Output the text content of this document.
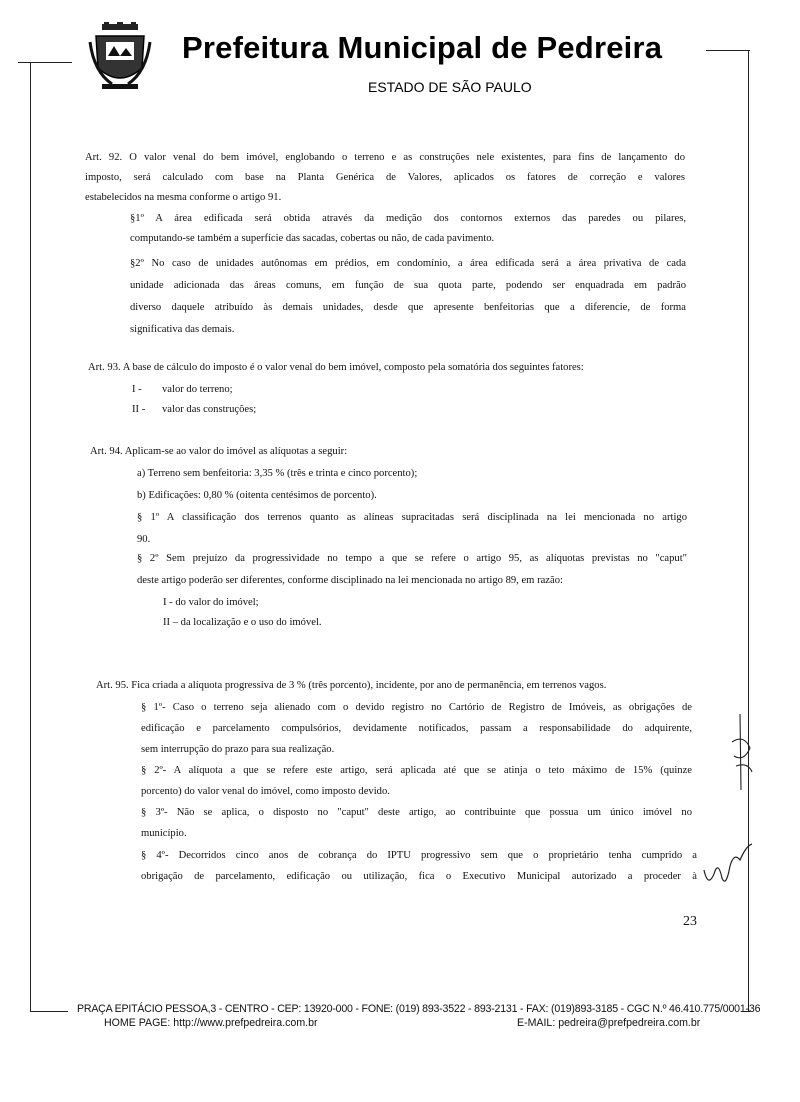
Prefeitura Municipal de Pedreira
ESTADO DE SÃO PAULO
Art. 92. O valor venal do bem imóvel, englobando o terreno e as construções nele existentes, para fins de lançamento do
imposto, será calculado com base na Planta Genérica de Valores, aplicados os fatores de correção e valores
estabelecidos na mesma conforme o artigo 91.
§1º A área edificada será obtida através da medição dos contornos externos das paredes ou pilares,
computando-se também a superfície das sacadas, cobertas ou não, de cada pavimento.
§2º No caso de unidades autônomas em prédios, em condomínio, a área edificada será a área privativa de cada
unidade adicionada das áreas comuns, em função de sua quota parte, podendo ser enquadrada em padrão
diverso daquele atribuído às demais unidades, desde que apresente benfeitorias que a diferencie, de forma
significativa das demais.
Art. 93. A base de cálculo do imposto é o valor venal do bem imóvel, composto pela somatória dos seguintes fatores:
I - valor do terreno;
II - valor das construções;
Art. 94. Aplicam-se ao valor do imóvel as alíquotas a seguir:
a) Terreno sem benfeitoria: 3,35 % (três e trinta e cinco porcento);
b) Edificações: 0,80 % (oitenta centésimos de porcento).
§ 1º A classificação dos terrenos quanto as alíneas supracitadas será disciplinada na lei mencionada no artigo
90.
§ 2º Sem prejuízo da progressividade no tempo a que se refere o artigo 95, as alíquotas previstas no "caput"
deste artigo poderão ser diferentes, conforme disciplinado na lei mencionada no artigo 89, em razão:
I - do valor do imóvel;
II – da localização e o uso do imóvel.
Art. 95. Fica criada a alíquota progressiva de 3 % (três porcento), incidente, por ano de permanência, em terrenos vagos.
§ 1º- Caso o terreno seja alienado com o devido registro no Cartório de Registro de Imóveis, as obrigações de
edificação e parcelamento compulsórios, devidamente notificados, passam a responsabilidade do adquirente,
sem interrupção do prazo para sua realização.
§ 2º- A alíquota a que se refere este artigo, será aplicada até que se atinja o teto máximo de 15% (quinze
porcento) do valor venal do imóvel, como imposto devido.
§ 3º- Não se aplica, o disposto no "caput" deste artigo, ao contribuinte que possua um único imóvel no
município.
§ 4º- Decorridos cinco anos de cobrança do IPTU progressivo sem que o proprietário tenha cumprido a
obrigação de parcelamento, edificação ou utilização, fica o Executivo Municipal autorizado a proceder à
23
PRAÇA EPITÁCIO PESSOA,3 - CENTRO - CEP: 13920-000 - FONE: (019) 893-3522 - 893-2131 - FAX: (019)893-3185 - CGC N.º 46.410.775/0001-36
HOME PAGE: http://www.prefpedreira.com.br	E-MAIL: pedreira@prefpedreira.com.br
